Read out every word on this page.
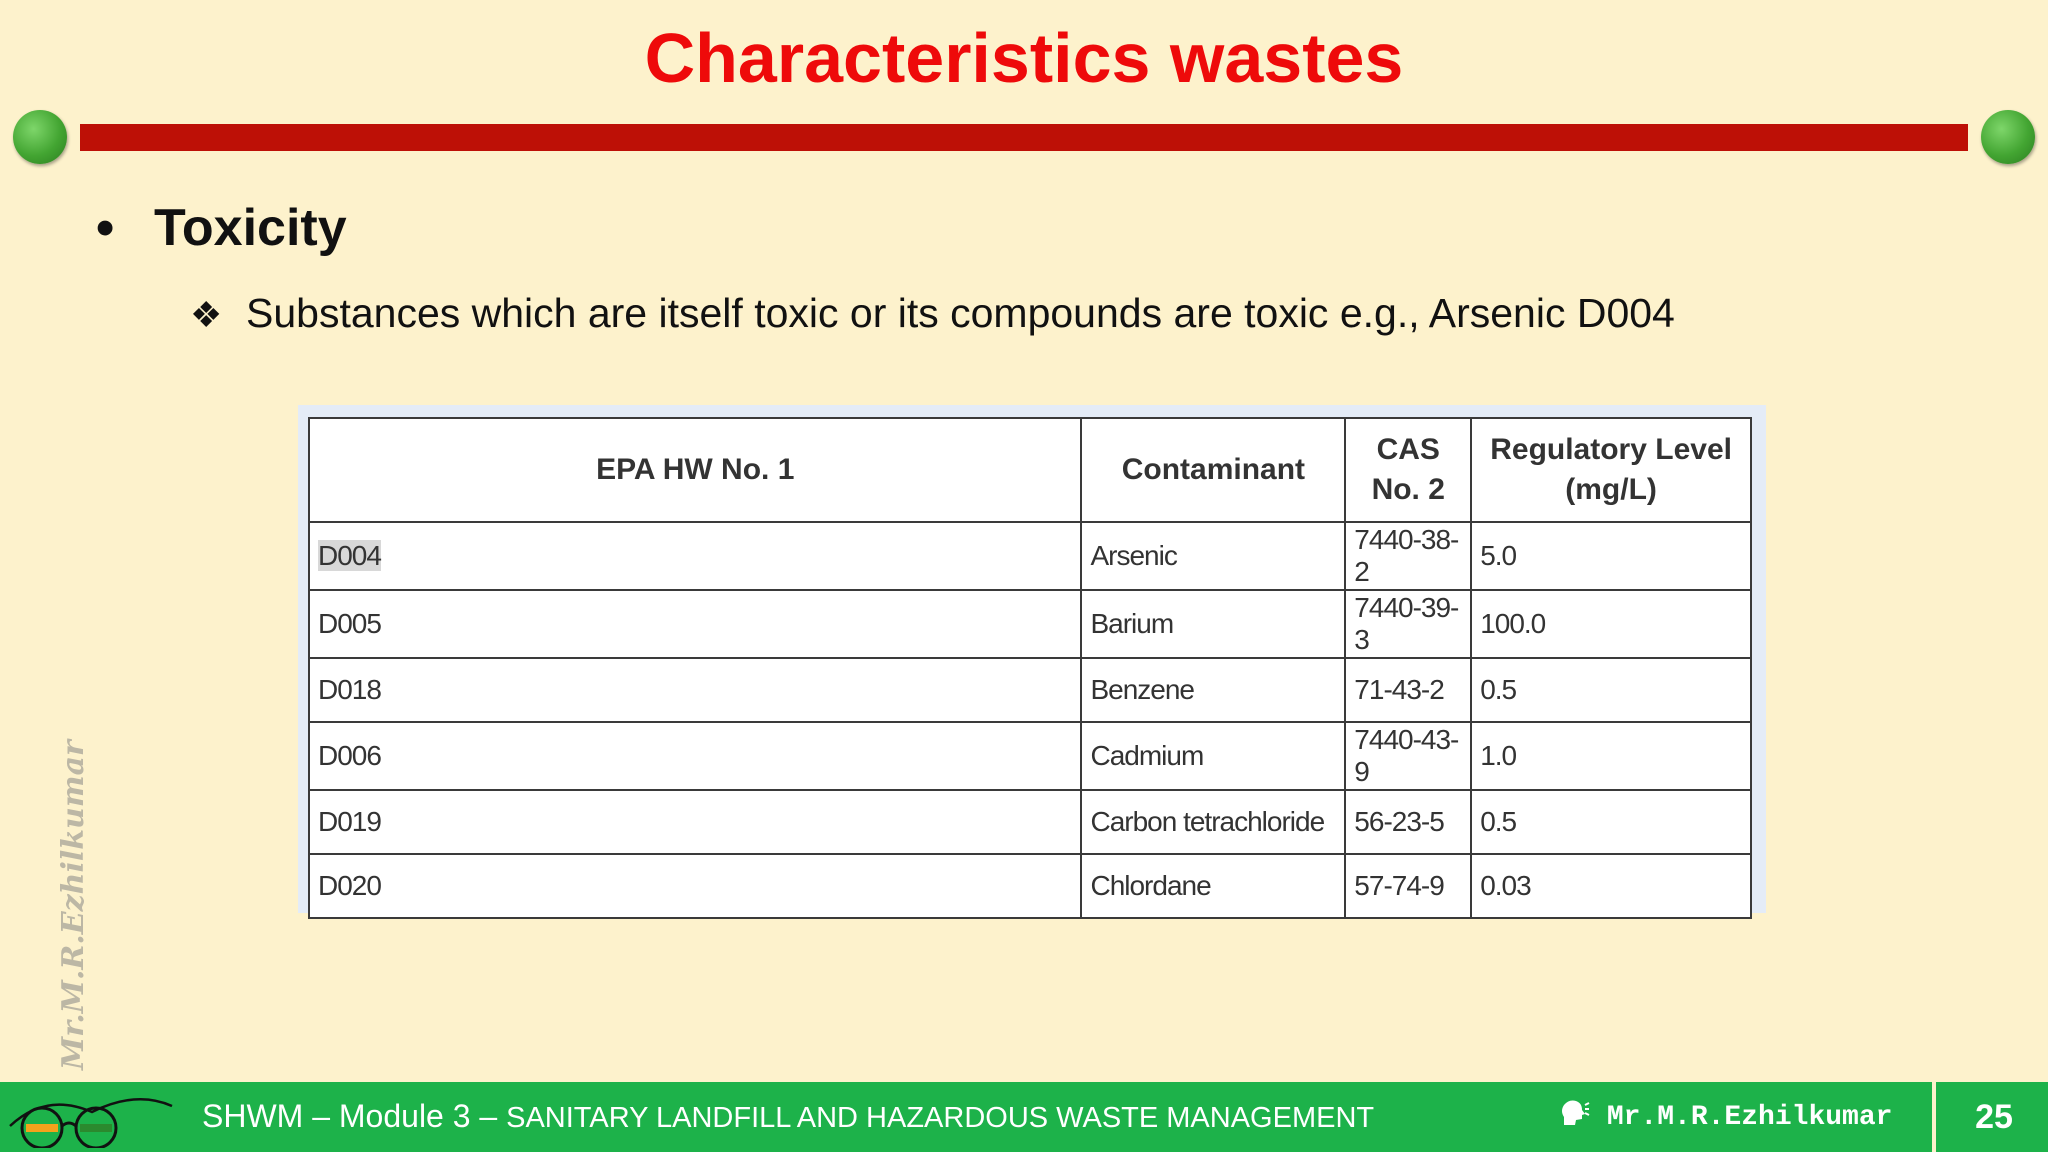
Characteristics wastes
• Toxicity
❖ Substances which are itself toxic or its compounds are toxic e.g., Arsenic D004
EPA HW No. 1	Contaminant	CAS No. 2	Regulatory Level (mg/L)
D004	Arsenic	7440-38-2	5.0
D005	Barium	7440-39-3	100.0
D018	Benzene	71-43-2	0.5
D006	Cadmium	7440-43-9	1.0
D019	Carbon tetrachloride	56-23-5	0.5
D020	Chlordane	57-74-9	0.03
Mr.M.R.Ezhilkumar
SHWM – Module 3 – SANITARY LANDFILL AND HAZARDOUS WASTE MANAGEMENT	Mr.M.R.Ezhilkumar	25
